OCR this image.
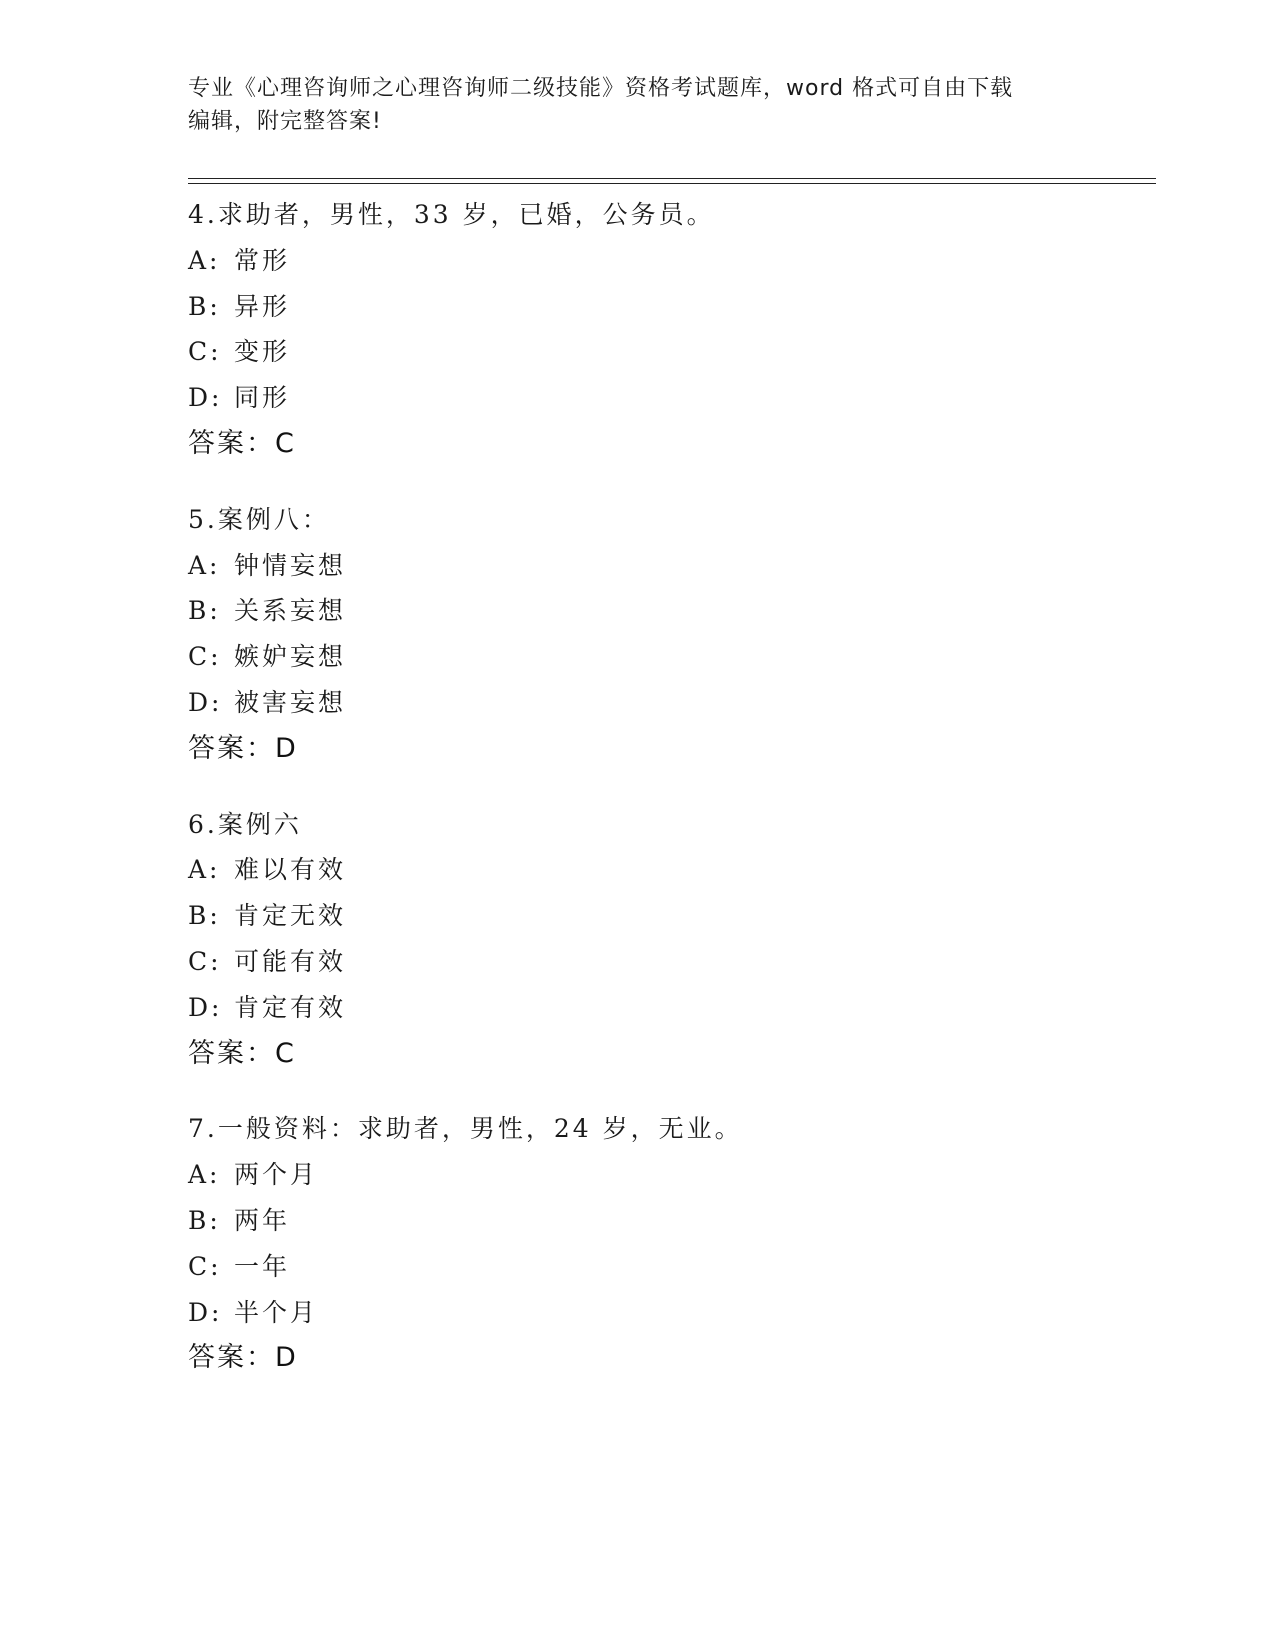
专业《心理咨询师之心理咨询师二级技能》资格考试题库，word 格式可自由下载
编辑，附完整答案!
4.求助者，男性，33 岁，已婚，公务员。
A: 常形
B: 异形
C: 变形
D: 同形
答案：C
5.案例八：
A: 钟情妄想
B: 关系妄想
C: 嫉妒妄想
D: 被害妄想
答案：D
6.案例六
A: 难以有效
B: 肯定无效
C: 可能有效
D: 肯定有效
答案：C
7.一般资料：求助者，男性，24 岁，无业。
A: 两个月
B: 两年
C: 一年
D: 半个月
答案：D
